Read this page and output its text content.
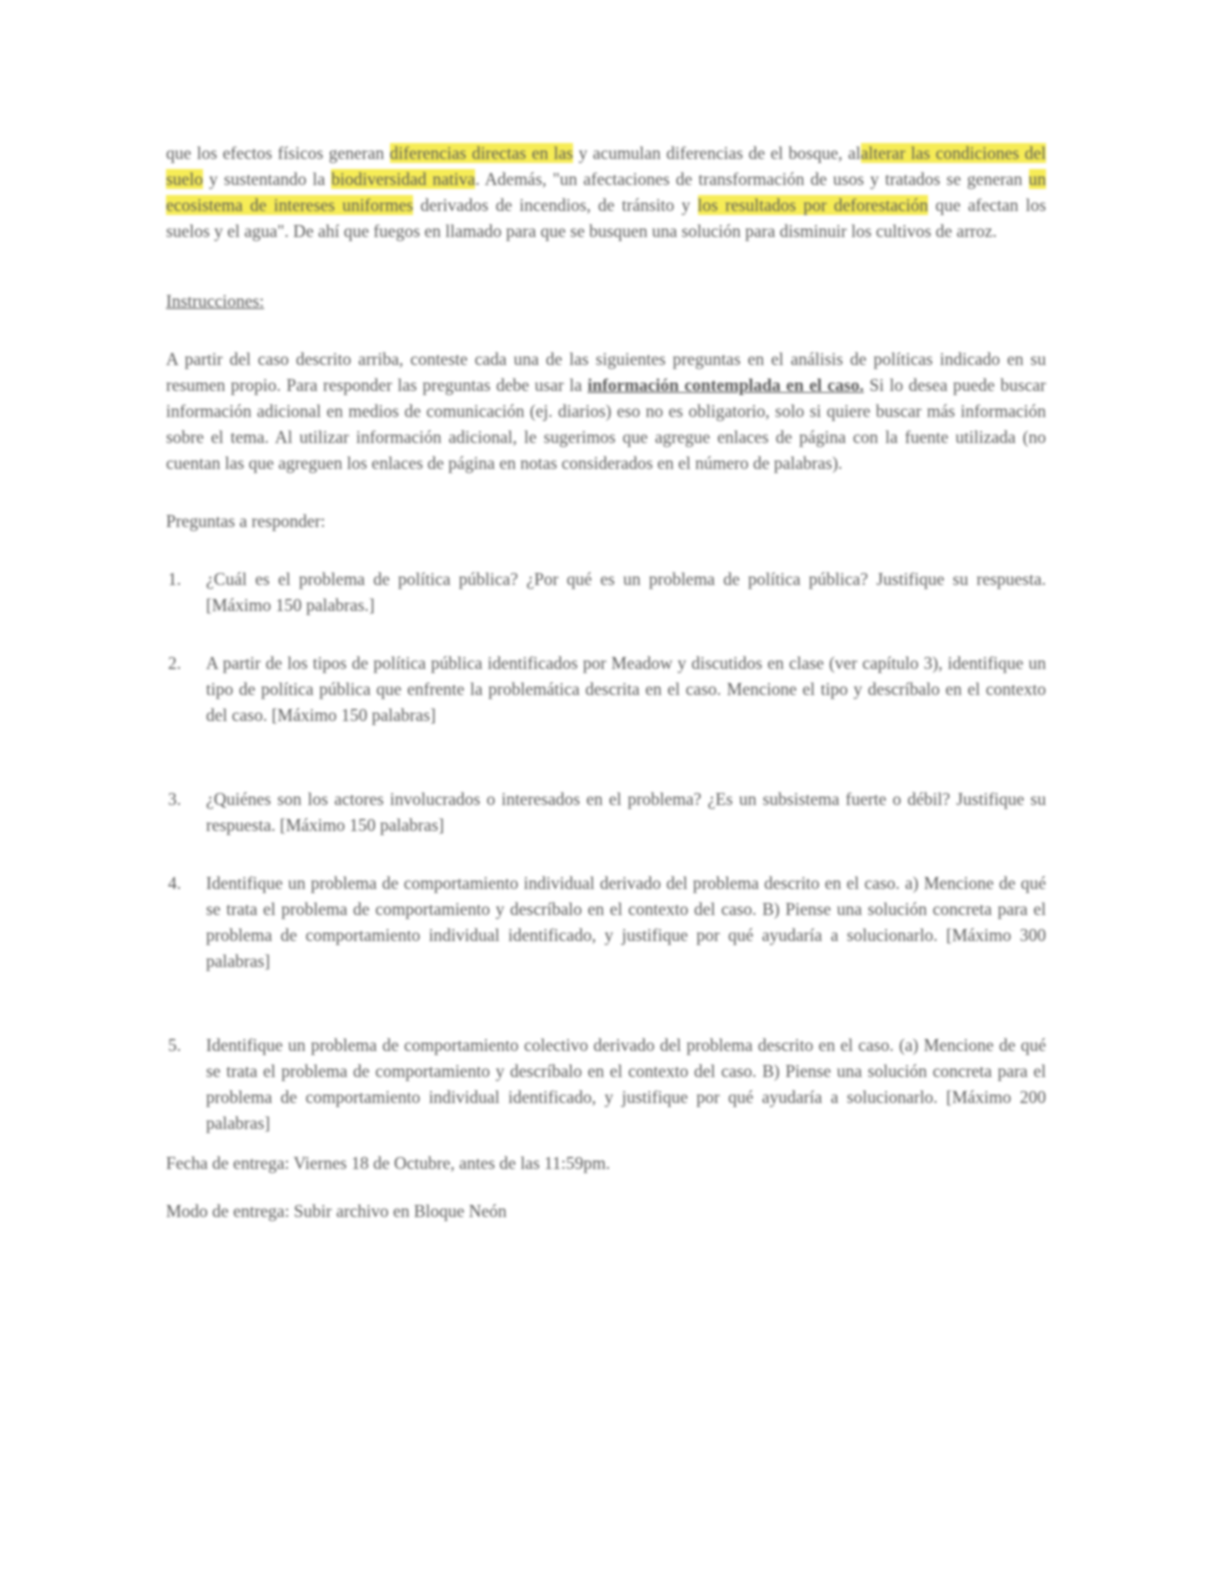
que los efectos físicos generan diferencias directas en las y acumulan diferencias de el bosque, alalterar las condiciones del suelo y sustentando la biodiversidad nativa. Además, "un afectaciones de transformación de usos y tratados se generan un ecosistema de intereses uniformes derivados de incendios, de tránsito y los resultados por deforestación que afectan los suelos y el agua". De ahí que fuegos en llamado para que se busquen una solución para disminuir los cultivos de arroz.

Instrucciones:

A partir del caso descrito arriba, conteste cada una de las siguientes preguntas en el análisis de políticas indicado en su resumen propio. Para responder las preguntas debe usar la información contemplada en el caso. Si lo desea puede buscar información adicional en medios de comunicación (ej. diarios) eso no es obligatorio, solo si quiere buscar más información sobre el tema. Al utilizar información adicional, le sugerimos que agregue enlaces de página con la fuente utilizada (no cuentan las que agreguen los enlaces de página en notas considerados en el número de palabras).

Preguntas a responder:

1. ¿Cuál es el problema de política pública? ¿Por qué es un problema de política pública? Justifique su respuesta. [Máximo 150 palabras.]
2. A partir de los tipos de política pública identificados por Meadow y discutidos en clase (ver capítulo 3), identifique un tipo de política pública que enfrente la problemática descrita en el caso. Mencione el tipo y descríbalo en el contexto del caso. [Máximo 150 palabras]
3. ¿Quiénes son los actores involucrados o interesados en el problema? ¿Es un subsistema fuerte o débil? Justifique su respuesta. [Máximo 150 palabras]
4. Identifique un problema de comportamiento individual derivado del problema descrito en el caso. a) Mencione de qué se trata el problema de comportamiento y descríbalo en el contexto del caso. B) Piense una solución concreta para el problema de comportamiento individual identificado, y justifique por qué ayudaría a solucionarlo. [Máximo 300 palabras]
5. Identifique un problema de comportamiento colectivo derivado del problema descrito en el caso. (a) Mencione de qué se trata el problema de comportamiento y descríbalo en el contexto del caso. B) Piense una solución concreta para el problema de comportamiento individual identificado, y justifique por qué ayudaría a solucionarlo. [Máximo 200 palabras]

Fecha de entrega: Viernes 18 de Octubre, antes de las 11:59pm.

Modo de entrega: Subir archivo en Bloque Neón
